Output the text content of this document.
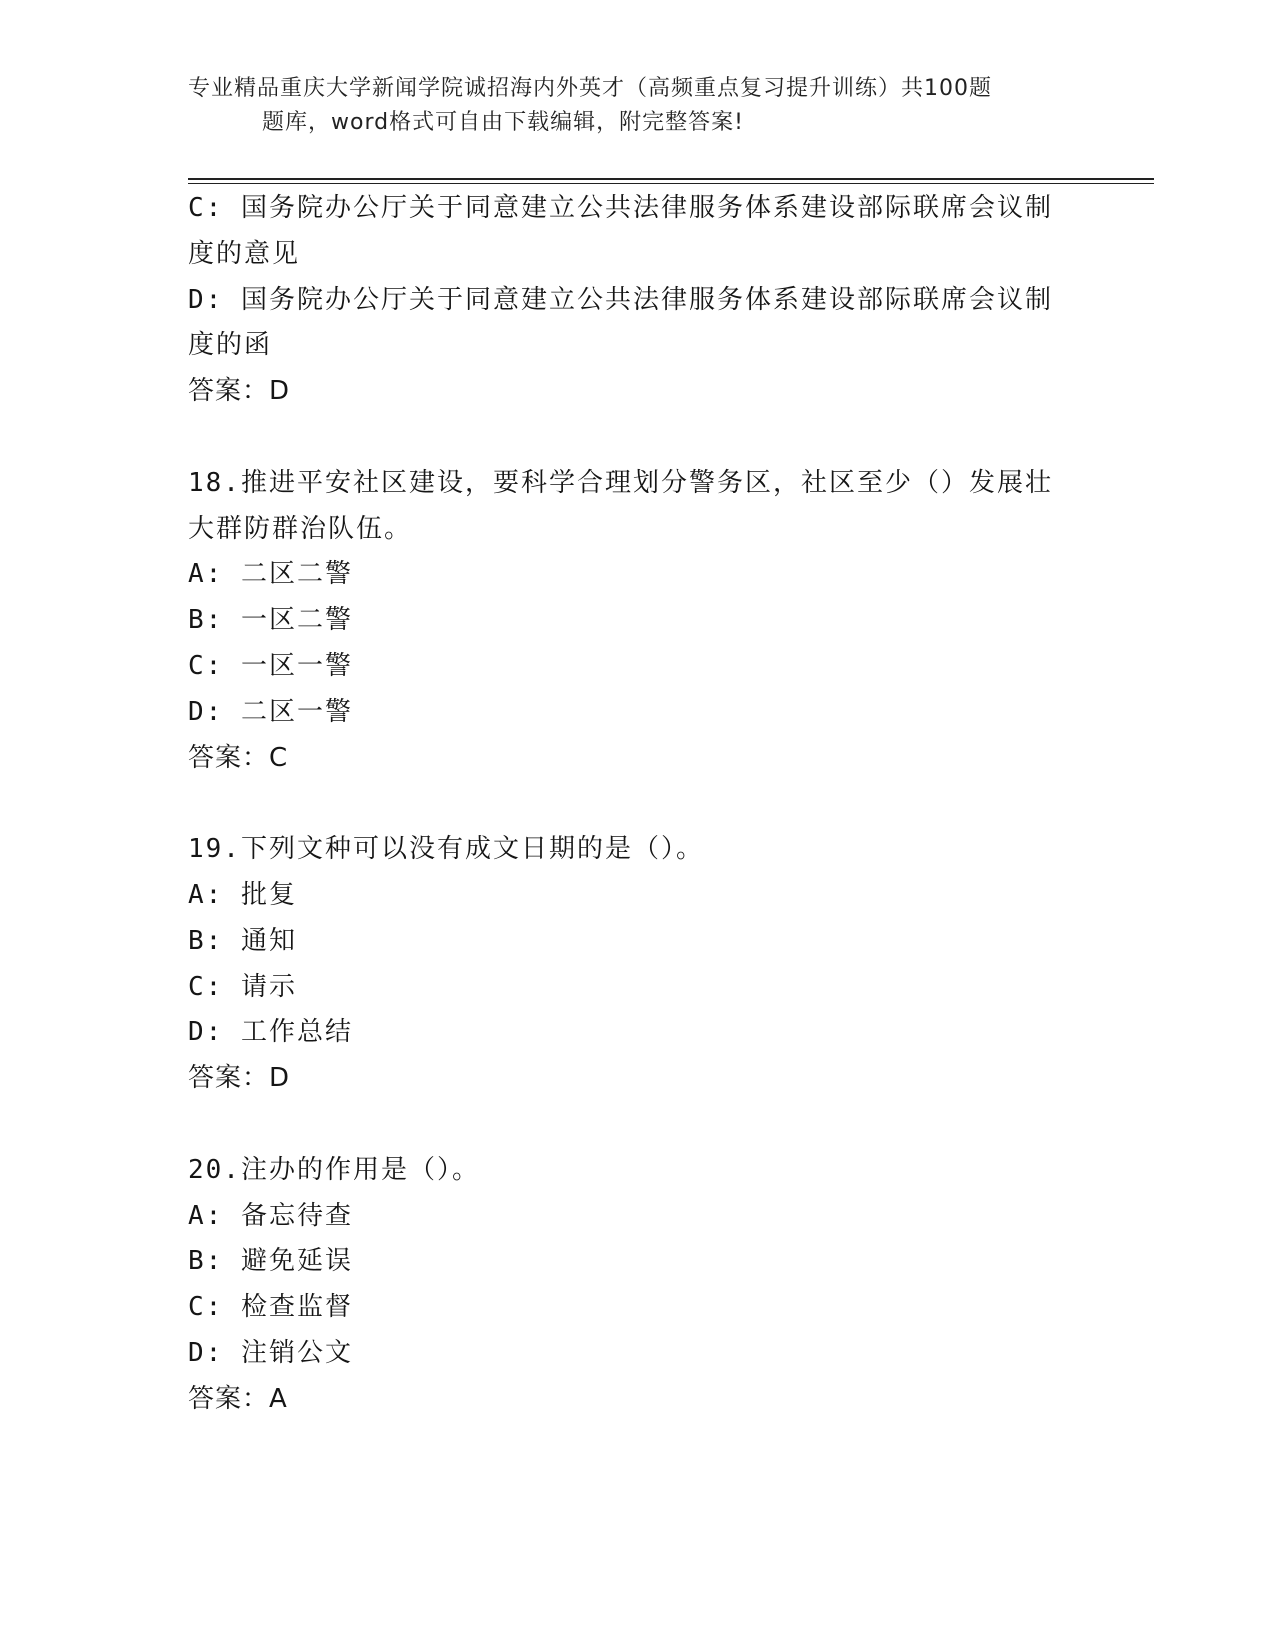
专业精品重庆大学新闻学院诚招海内外英才（高频重点复习提升训练）共100题
题库，word格式可自由下载编辑，附完整答案!
C: 国务院办公厅关于同意建立公共法律服务体系建设部际联席会议制
度的意见
D: 国务院办公厅关于同意建立公共法律服务体系建设部际联席会议制
度的函
答案：D
18.推进平安社区建设，要科学合理划分警务区，社区至少（）发展壮
大群防群治队伍。
A: 二区二警
B: 一区二警
C: 一区一警
D: 二区一警
答案：C
19.下列文种可以没有成文日期的是（）。
A: 批复
B: 通知
C: 请示
D: 工作总结
答案：D
20.注办的作用是（）。
A: 备忘待查
B: 避免延误
C: 检查监督
D: 注销公文
答案：A
